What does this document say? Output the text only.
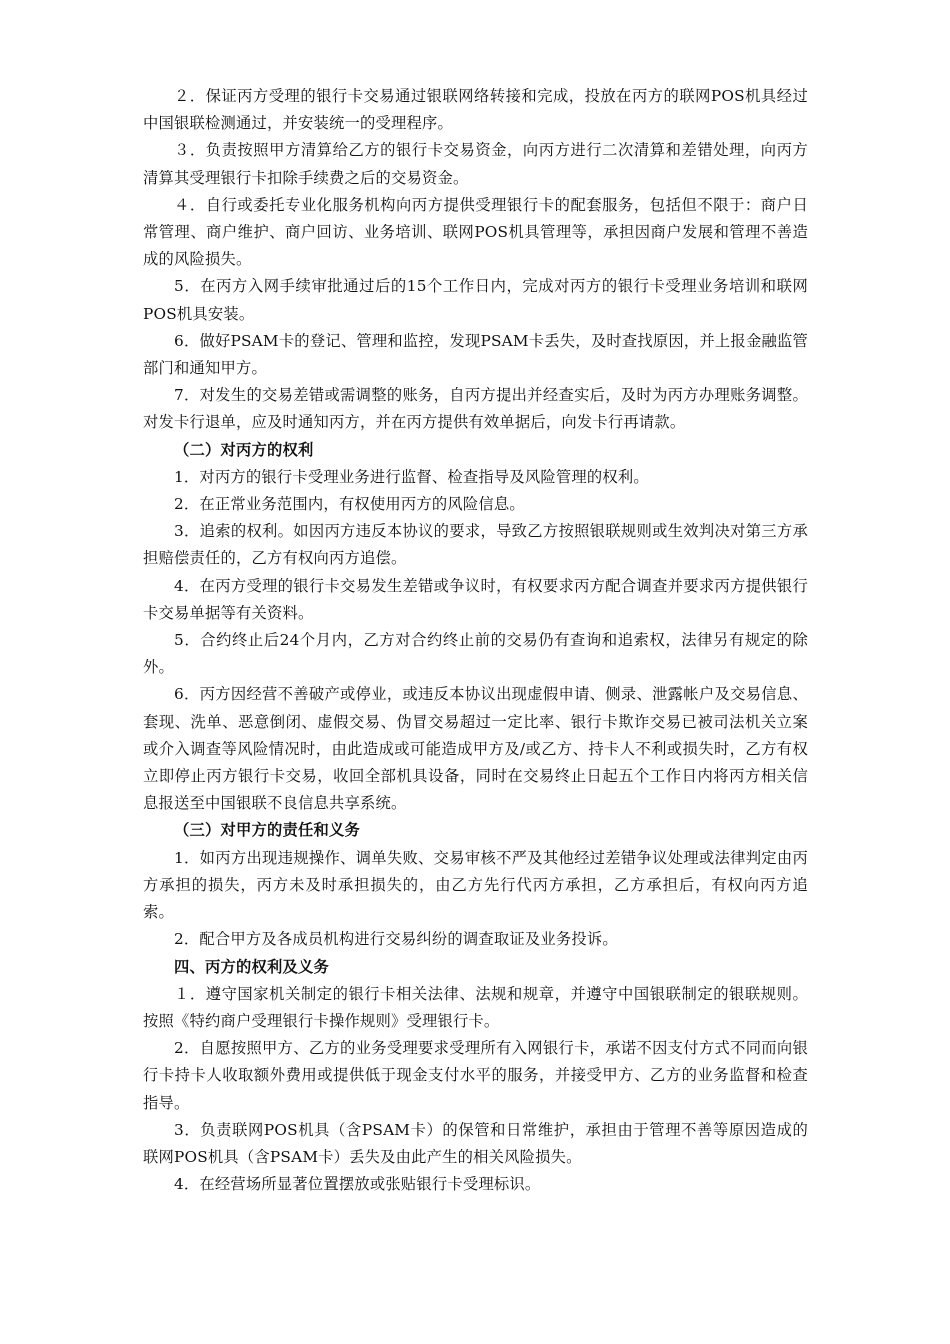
２．保证丙方受理的银行卡交易通过银联网络转接和完成，投放在丙方的联网POS机具经过中国银联检测通过，并安装统一的受理程序。

３．负责按照甲方清算给乙方的银行卡交易资金，向丙方进行二次清算和差错处理，向丙方清算其受理银行卡扣除手续费之后的交易资金。

４．自行或委托专业化服务机构向丙方提供受理银行卡的配套服务，包括但不限于：商户日常管理、商户维护、商户回访、业务培训、联网POS机具管理等，承担因商户发展和管理不善造成的风险损失。

5．在丙方入网手续审批通过后的15个工作日内，完成对丙方的银行卡受理业务培训和联网POS机具安装。

6．做好PSAM卡的登记、管理和监控，发现PSAM卡丢失，及时查找原因，并上报金融监管部门和通知甲方。

7．对发生的交易差错或需调整的账务，自丙方提出并经查实后，及时为丙方办理账务调整。对发卡行退单，应及时通知丙方，并在丙方提供有效单据后，向发卡行再请款。

（二）对丙方的权利

1．对丙方的银行卡受理业务进行监督、检查指导及风险管理的权利。

2．在正常业务范围内，有权使用丙方的风险信息。

3．追索的权利。如因丙方违反本协议的要求，导致乙方按照银联规则或生效判决对第三方承担赔偿责任的，乙方有权向丙方追偿。

4．在丙方受理的银行卡交易发生差错或争议时，有权要求丙方配合调查并要求丙方提供银行卡交易单据等有关资料。

5．合约终止后24个月内，乙方对合约终止前的交易仍有查询和追索权，法律另有规定的除外。

6．丙方因经营不善破产或停业，或违反本协议出现虚假申请、侧录、泄露帐户及交易信息、套现、洗单、恶意倒闭、虚假交易、伪冒交易超过一定比率、银行卡欺诈交易已被司法机关立案或介入调查等风险情况时，由此造成或可能造成甲方及/或乙方、持卡人不利或损失时，乙方有权立即停止丙方银行卡交易，收回全部机具设备，同时在交易终止日起五个工作日内将丙方相关信息报送至中国银联不良信息共享系统。

（三）对甲方的责任和义务

1．如丙方出现违规操作、调单失败、交易审核不严及其他经过差错争议处理或法律判定由丙方承担的损失，丙方未及时承担损失的，由乙方先行代丙方承担，乙方承担后，有权向丙方追索。

2．配合甲方及各成员机构进行交易纠纷的调查取证及业务投诉。

四、丙方的权利及义务

１．遵守国家机关制定的银行卡相关法律、法规和规章，并遵守中国银联制定的银联规则。按照《特约商户受理银行卡操作规则》受理银行卡。

2．自愿按照甲方、乙方的业务受理要求受理所有入网银行卡，承诺不因支付方式不同而向银行卡持卡人收取额外费用或提供低于现金支付水平的服务，并接受甲方、乙方的业务监督和检查指导。

3．负责联网POS机具（含PSAM卡）的保管和日常维护，承担由于管理不善等原因造成的联网POS机具（含PSAM卡）丢失及由此产生的相关风险损失。

4．在经营场所显著位置摆放或张贴银行卡受理标识。
